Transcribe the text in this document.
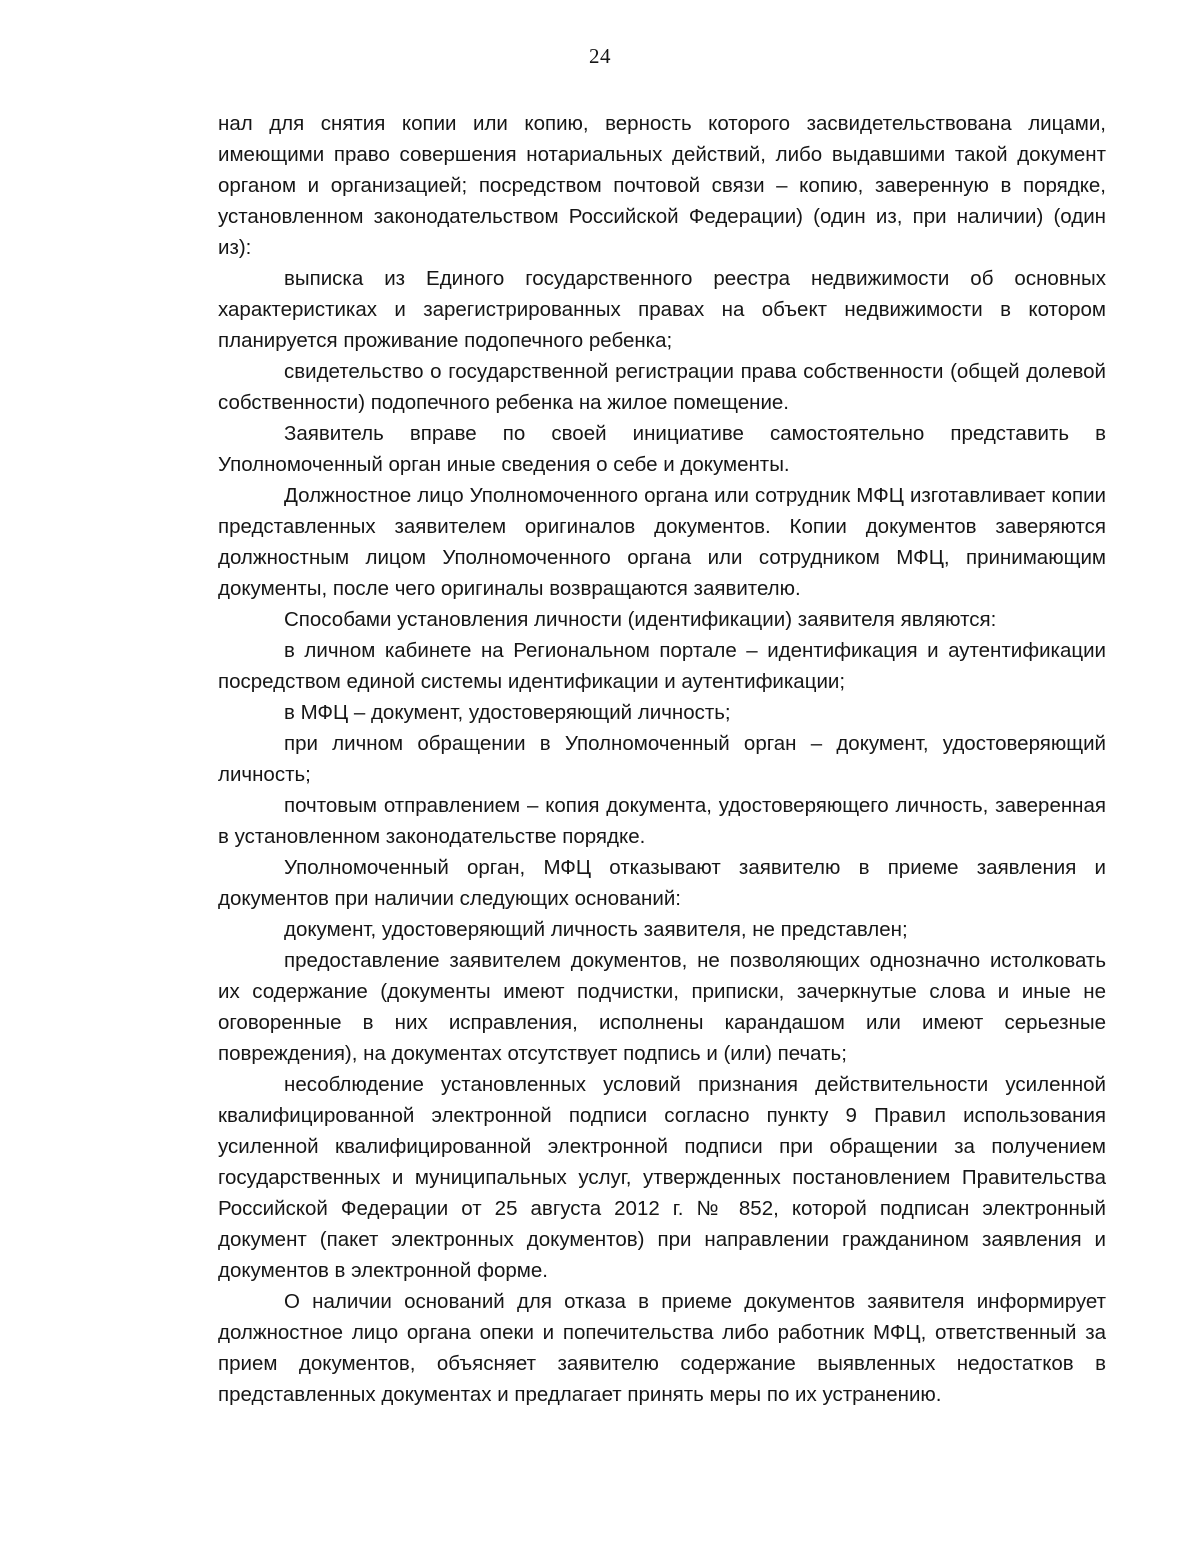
24

нал для снятия копии или копию, верность которого засвидетельствована лицами, имеющими право совершения нотариальных действий, либо выдавшими такой документ органом и организацией; посредством почтовой связи – копию, заверенную в порядке, установленном законодательством Российской Федерации) (один из, при наличии) (один из):

выписка из Единого государственного реестра недвижимости об основных характеристиках и зарегистрированных правах на объект недвижимости в котором планируется проживание подопечного ребенка;

свидетельство о государственной регистрации права собственности (общей долевой собственности) подопечного ребенка на жилое помещение.

Заявитель вправе по своей инициативе самостоятельно представить в Уполномоченный орган иные сведения о себе и документы.

Должностное лицо Уполномоченного органа или сотрудник МФЦ изготавливает копии представленных заявителем оригиналов документов. Копии документов заверяются должностным лицом Уполномоченного органа или сотрудником МФЦ, принимающим документы, после чего оригиналы возвращаются заявителю.

Способами установления личности (идентификации) заявителя являются:

в личном кабинете на Региональном портале – идентификация и аутентификации посредством единой системы идентификации и аутентификации;

в МФЦ – документ, удостоверяющий личность;

при личном обращении в Уполномоченный орган – документ, удостоверяющий личность;

почтовым отправлением – копия документа, удостоверяющего личность, заверенная в установленном законодательстве порядке.

Уполномоченный орган, МФЦ отказывают заявителю в приеме заявления и документов при наличии следующих оснований:

документ, удостоверяющий личность заявителя, не представлен;

предоставление заявителем документов, не позволяющих однозначно истолковать их содержание (документы имеют подчистки, приписки, зачеркнутые слова и иные не оговоренные в них исправления, исполнены карандашом или имеют серьезные повреждения), на документах отсутствует подпись и (или) печать;

несоблюдение установленных условий признания действительности усиленной квалифицированной электронной подписи согласно пункту 9 Правил использования усиленной квалифицированной электронной подписи при обращении за получением государственных и муниципальных услуг, утвержденных постановлением Правительства Российской Федерации от 25 августа 2012 г. № 852, которой подписан электронный документ (пакет электронных документов) при направлении гражданином заявления и документов в электронной форме.

О наличии оснований для отказа в приеме документов заявителя информирует должностное лицо органа опеки и попечительства либо работник МФЦ, ответственный за прием документов, объясняет заявителю содержание выявленных недостатков в представленных документах и предлагает принять меры по их устранению.
